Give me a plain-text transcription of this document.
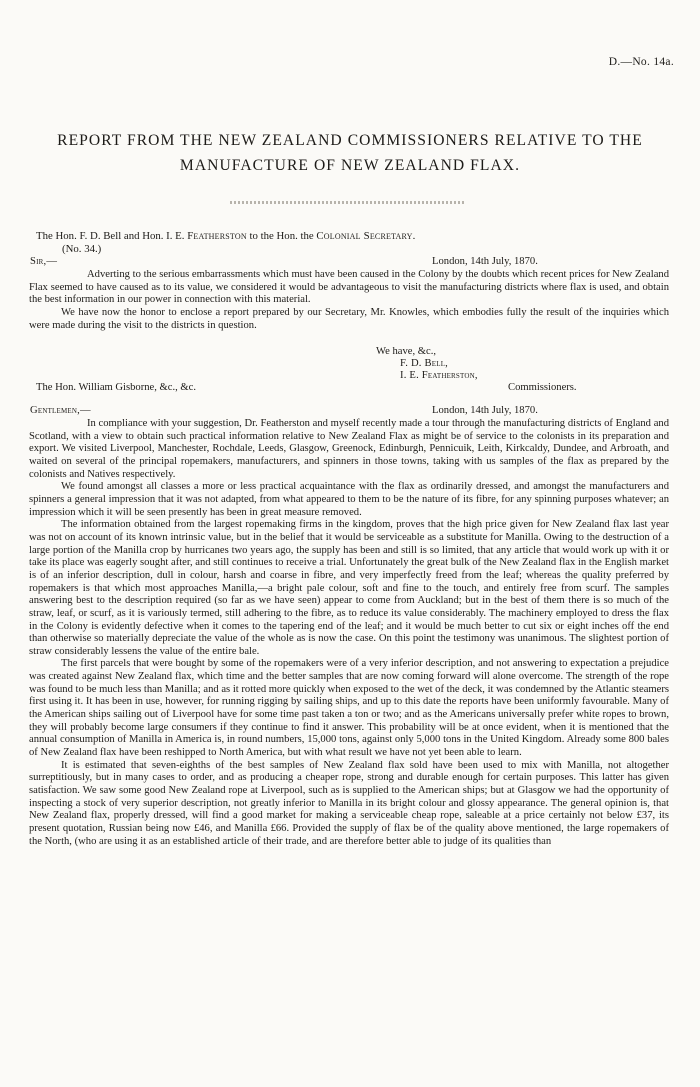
D.—No. 14a.
REPORT FROM THE NEW ZEALAND COMMISSIONERS RELATIVE TO THE MANUFACTURE OF NEW ZEALAND FLAX.
The Hon. F. D. Bell and Hon. I. E. Featherston to the Hon. the Colonial Secretary.
(No. 34.)
Sir,—	London, 14th July, 1870.

Adverting to the serious embarrassments which must have been caused in the Colony by the doubts which recent prices for New Zealand Flax seemed to have caused as to its value, we considered it would be advantageous to visit the manufacturing districts where flax is used, and obtain the best information in our power in connection with this material.

We have now the honor to enclose a report prepared by our Secretary, Mr. Knowles, which embodies fully the result of the inquiries which were made during the visit to the districts in question.

We have, &c.,
F. D. Bell,
I. E. Featherston,
The Hon. William Gisborne, &c., &c.	Commissioners.
Gentlemen,—	London, 14th July, 1870.

In compliance with your suggestion, Dr. Featherston and myself recently made a tour through the manufacturing districts of England and Scotland, with a view to obtain such practical information relative to New Zealand Flax as might be of service to the colonists in its preparation and export. We visited Liverpool, Manchester, Rochdale, Leeds, Glasgow, Greenock, Edinburgh, Pennicuik, Leith, Kirkcaldy, Dundee, and Arbroath, and waited on several of the principal ropemakers, manufacturers, and spinners in those towns, taking with us samples of the flax as prepared by the colonists and Natives respectively.

We found amongst all classes a more or less practical acquaintance with the flax as ordinarily dressed, and amongst the manufacturers and spinners a general impression that it was not adapted, from what appeared to them to be the nature of its fibre, for any spinning purposes whatever; an impression which it will be seen presently has been in great measure removed.

The information obtained from the largest ropemaking firms in the kingdom, proves that the high price given for New Zealand flax last year was not on account of its known intrinsic value, but in the belief that it would be serviceable as a substitute for Manilla. Owing to the destruction of a large portion of the Manilla crop by hurricanes two years ago, the supply has been and still is so limited, that any article that would work up with it or take its place was eagerly sought after, and still continues to receive a trial. Unfortunately the great bulk of the New Zealand flax in the English market is of an inferior description, dull in colour, harsh and coarse in fibre, and very imperfectly freed from the leaf; whereas the quality preferred by ropemakers is that which most approaches Manilla,—a bright pale colour, soft and fine to the touch, and entirely free from scurf. The samples answering best to the description required (so far as we have seen) appear to come from Auckland; but in the best of them there is so much of the straw, leaf, or scurf, as it is variously termed, still adhering to the fibre, as to reduce its value considerably. The machinery employed to dress the flax in the Colony is evidently defective when it comes to the tapering end of the leaf; and it would be much better to cut six or eight inches off the end than otherwise so materially depreciate the value of the whole as is now the case. On this point the testimony was unanimous. The slightest portion of straw considerably lessens the value of the entire bale.

The first parcels that were bought by some of the ropemakers were of a very inferior description, and not answering to expectation a prejudice was created against New Zealand flax, which time and the better samples that are now coming forward will alone overcome. The strength of the rope was found to be much less than Manilla; and as it rotted more quickly when exposed to the wet of the deck, it was condemned by the Atlantic steamers first using it. It has been in use, however, for running rigging by sailing ships, and up to this date the reports have been uniformly favourable. Many of the American ships sailing out of Liverpool have for some time past taken a ton or two; and as the Americans universally prefer white ropes to brown, they will probably become large consumers if they continue to find it answer. This probability will be at once evident, when it is mentioned that the annual consumption of Manilla in America is, in round numbers, 15,000 tons, against only 5,000 tons in the United Kingdom. Already some 800 bales of New Zealand flax have been reshipped to North America, but with what result we have not yet been able to learn.

It is estimated that seven-eighths of the best samples of New Zealand flax sold have been used to mix with Manilla, not altogether surreptitiously, but in many cases to order, and as producing a cheaper rope, strong and durable enough for certain purposes. This latter has given satisfaction. We saw some good New Zealand rope at Liverpool, such as is supplied to the American ships; but at Glasgow we had the opportunity of inspecting a stock of very superior description, not greatly inferior to Manilla in its bright colour and glossy appearance. The general opinion is, that New Zealand flax, properly dressed, will find a good market for making a serviceable cheap rope, saleable at a price certainly not below £37, its present quotation, Russian being now £46, and Manilla £66. Provided the supply of flax be of the quality above mentioned, the large ropemakers of the North, (who are using it as an established article of their trade, and are therefore better able to judge of its qualities than
